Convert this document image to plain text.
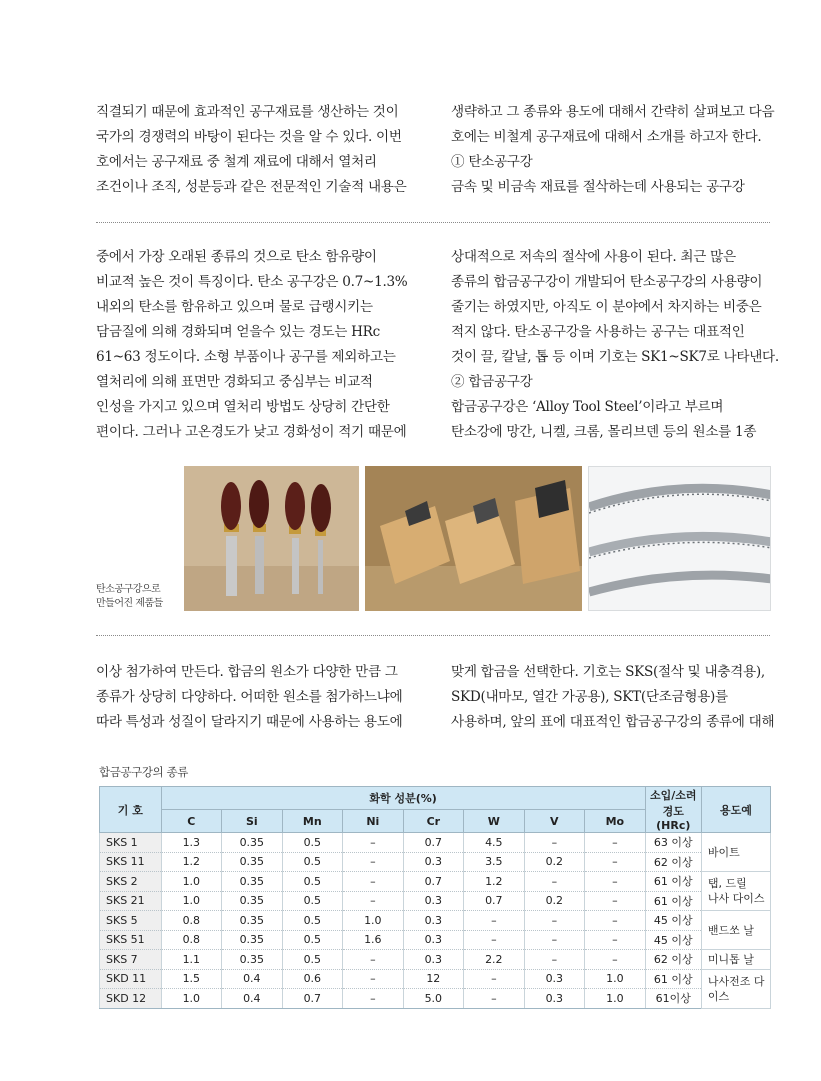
직결되기 때문에 효과적인 공구재료를 생산하는 것이
국가의 경쟁력의 바탕이 된다는 것을 알 수 있다. 이번
호에서는 공구재료 중 철계 재료에 대해서 열처리
조건이나 조직, 성분등과 같은 전문적인 기술적 내용은
생략하고 그 종류와 용도에 대해서 간략히 살펴보고 다음
호에는 비철계 공구재료에 대해서 소개를 하고자 한다.
① 탄소공구강
금속 및 비금속 재료를 절삭하는데 사용되는 공구강
중에서 가장 오래된 종류의 것으로 탄소 함유량이
비교적 높은 것이 특징이다. 탄소 공구강은 0.7~1.3%
내외의 탄소를 함유하고 있으며 물로 급랭시키는
담금질에 의해 경화되며 얻을수 있는 경도는 HRc
61~63 정도이다. 소형 부품이나 공구를 제외하고는
열처리에 의해 표면만 경화되고 중심부는 비교적
인성을 가지고 있으며 열처리 방법도 상당히 간단한
편이다. 그러나 고온경도가 낮고 경화성이 적기 때문에
상대적으로 저속의 절삭에 사용이 된다. 최근 많은
종류의 합금공구강이 개발되어 탄소공구강의 사용량이
줄기는 하였지만, 아직도 이 분야에서 차지하는 비중은
적지 않다. 탄소공구강을 사용하는 공구는 대표적인
것이 끌, 칼날, 톱 등 이며 기호는 SK1~SK7로 나타낸다.
② 합금공구강
합금공구강은 ‘Alloy Tool Steel’이라고 부르며
탄소강에 망간, 니켈, 크롬, 몰리브덴 등의 원소를 1종
탄소공구강으로
만들어진 제품들
이상 첨가하여 만든다. 합금의 원소가 다양한 만큼 그
종류가 상당히 다양하다. 어떠한 원소를 첨가하느냐에
따라 특성과 성질이 달라지기 때문에 사용하는 용도에
맞게 합금을 선택한다. 기호는 SKS(절삭 및 내충격용),
SKD(내마모, 열간 가공용), SKT(단조금형용)를
사용하며, 앞의 표에 대표적인 합금공구강의 종류에 대해
합금공구강의 종류
기 호	화학 성분(%)								소입/소려
경도(HRc)	용도예
	C	Si	Mn	Ni	Cr	W	V	Mo		
SKS 1	1.3	0.35	0.5	–	0.7	4.5	–	–	63 이상	바이트

SKS 11	1.2	0.35	0.5	–	0.3	3.5	0.2	–	62 이상	
SKS 2	1.0	0.35	0.5	–	0.7	1.2	–	–	61 이상	탭, 드릴
나사 다이스

SKS 21	1.0	0.35	0.5	–	0.3	0.7	0.2	–	61 이상	
SKS 5	0.8	0.35	0.5	1.0	0.3	–	–	–	45 이상	밴드쏘 날

SKS 51	0.8	0.35	0.5	1.6	0.3	–	–	–	45 이상	
SKS 7	1.1	0.35	0.5	–	0.3	2.2	–	–	62 이상	미니톱 날

SKD 11	1.5	0.4	0.6	–	12	–	0.3	1.0	61 이상	나사전조 다이스

SKD 12	1.0	0.4	0.7	–	5.0	–	0.3	1.0	61이상	
